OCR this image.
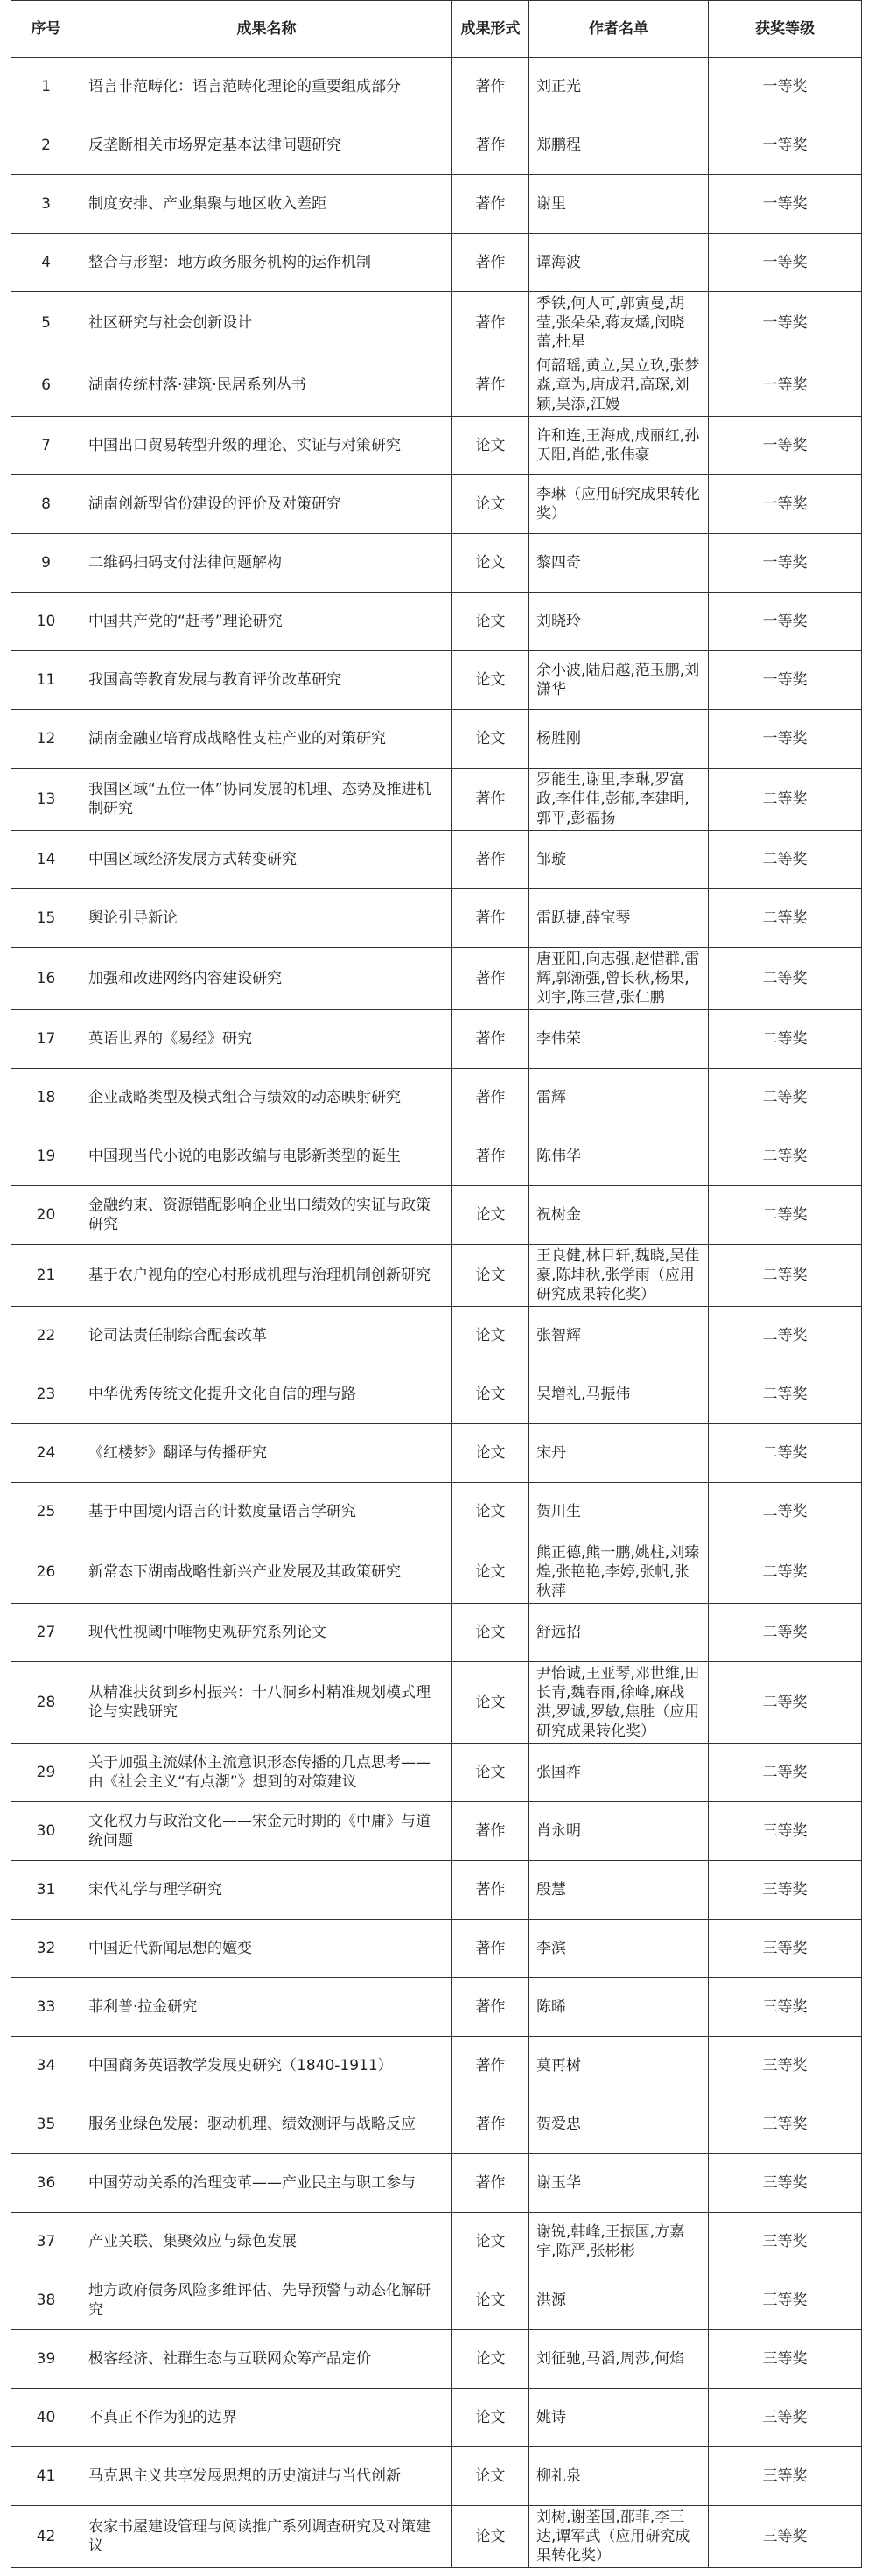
序号	成果名称	成果形式	作者名单	获奖等级
1	语言非范畴化：语言范畴化理论的重要组成部分	著作	刘正光	一等奖
2	反垄断相关市场界定基本法律问题研究	著作	郑鹏程	一等奖
3	制度安排、产业集聚与地区收入差距	著作	谢里	一等奖
4	整合与形塑：地方政务服务机构的运作机制	著作	谭海波	一等奖
5	社区研究与社会创新设计	著作	季铁,何人可,郭寅曼,胡莹,张朵朵,蒋友燏,闵晓蕾,杜星	一等奖
6	湖南传统村落·建筑·民居系列丛书	著作	何韶瑶,黄立,吴立玖,张梦淼,章为,唐成君,高琛,刘颖,吴添,江嫚	一等奖
7	中国出口贸易转型升级的理论、实证与对策研究	论文	许和连,王海成,成丽红,孙天阳,肖皓,张伟豪	一等奖
8	湖南创新型省份建设的评价及对策研究	论文	李琳（应用研究成果转化奖）	一等奖
9	二维码扫码支付法律问题解构	论文	黎四奇	一等奖
10	中国共产党的“赶考”理论研究	论文	刘晓玲	一等奖
11	我国高等教育发展与教育评价改革研究	论文	余小波,陆启越,范玉鹏,刘潇华	一等奖
12	湖南金融业培育成战略性支柱产业的对策研究	论文	杨胜刚	一等奖
13	我国区域“五位一体”协同发展的机理、态势及推进机制研究	著作	罗能生,谢里,李琳,罗富政,李佳佳,彭郁,李建明,郭平,彭福扬	二等奖
14	中国区域经济发展方式转变研究	著作	邹璇	二等奖
15	舆论引导新论	著作	雷跃捷,薛宝琴	二等奖
16	加强和改进网络内容建设研究	著作	唐亚阳,向志强,赵惜群,雷辉,郭渐强,曾长秋,杨果,刘宇,陈三营,张仁鹏	二等奖
17	英语世界的《易经》研究	著作	李伟荣	二等奖
18	企业战略类型及模式组合与绩效的动态映射研究	著作	雷辉	二等奖
19	中国现当代小说的电影改编与电影新类型的诞生	著作	陈伟华	二等奖
20	金融约束、资源错配影响企业出口绩效的实证与政策研究	论文	祝树金	二等奖
21	基于农户视角的空心村形成机理与治理机制创新研究	论文	王良健,林目轩,魏晓,吴佳豪,陈坤秋,张学雨（应用研究成果转化奖）	二等奖
22	论司法责任制综合配套改革	论文	张智辉	二等奖
23	中华优秀传统文化提升文化自信的理与路	论文	吴增礼,马振伟	二等奖
24	《红楼梦》翻译与传播研究	论文	宋丹	二等奖
25	基于中国境内语言的计数度量语言学研究	论文	贺川生	二等奖
26	新常态下湖南战略性新兴产业发展及其政策研究	论文	熊正德,熊一鹏,姚柱,刘臻煌,张艳艳,李婷,张帆,张秋萍	二等奖
27	现代性视阈中唯物史观研究系列论文	论文	舒远招	二等奖
28	从精准扶贫到乡村振兴：十八洞乡村精准规划模式理论与实践研究	论文	尹怡诚,王亚琴,邓世维,田长青,魏春雨,徐峰,麻战洪,罗诚,罗敏,焦胜（应用研究成果转化奖）	二等奖
29	关于加强主流媒体主流意识形态传播的几点思考——由《社会主义“有点潮”》想到的对策建议	论文	张国祚	二等奖
30	文化权力与政治文化——宋金元时期的《中庸》与道统问题	著作	肖永明	三等奖
31	宋代礼学与理学研究	著作	殷慧	三等奖
32	中国近代新闻思想的嬗变	著作	李滨	三等奖
33	菲利普·拉金研究	著作	陈晞	三等奖
34	中国商务英语教学发展史研究（1840-1911）	著作	莫再树	三等奖
35	服务业绿色发展：驱动机理、绩效测评与战略反应	著作	贺爱忠	三等奖
36	中国劳动关系的治理变革——产业民主与职工参与	著作	谢玉华	三等奖
37	产业关联、集聚效应与绿色发展	论文	谢锐,韩峰,王振国,方嘉宇,陈严,张彬彬	三等奖
38	地方政府债务风险多维评估、先导预警与动态化解研究	论文	洪源	三等奖
39	极客经济、社群生态与互联网众筹产品定价	论文	刘征驰,马滔,周莎,何焰	三等奖
40	不真正不作为犯的边界	论文	姚诗	三等奖
41	马克思主义共享发展思想的历史演进与当代创新	论文	柳礼泉	三等奖
42	农家书屋建设管理与阅读推广系列调查研究及对策建议	论文	刘树,谢荃国,邵菲,李三达,谭军武（应用研究成果转化奖）	三等奖
